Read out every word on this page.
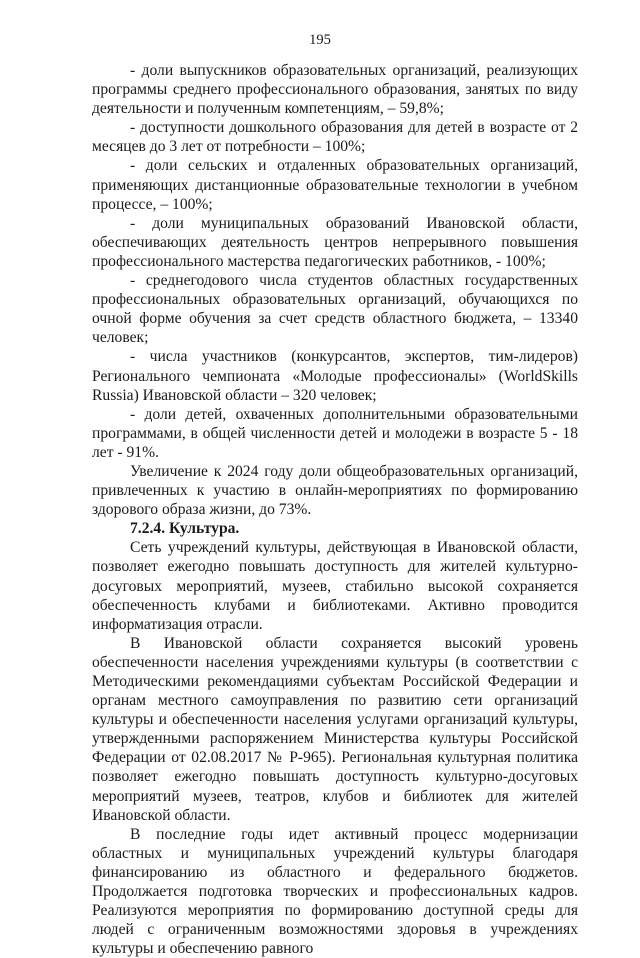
195

- доли выпускников образовательных организаций, реализующих программы среднего профессионального образования, занятых по виду деятельности и полученным компетенциям, – 59,8%;

- доступности дошкольного образования для детей в возрасте от 2 месяцев до 3 лет от потребности – 100%;

- доли сельских и отдаленных образовательных организаций, применяющих дистанционные образовательные технологии в учебном процессе, – 100%;

- доли муниципальных образований Ивановской области, обеспечивающих деятельность центров непрерывного повышения профессионального мастерства педагогических работников, - 100%;

- среднегодового числа студентов областных государственных профессиональных образовательных организаций, обучающихся по очной форме обучения за счет средств областного бюджета, – 13340 человек;

- числа участников (конкурсантов, экспертов, тим-лидеров) Регионального чемпионата «Молодые профессионалы» (WorldSkills Russia) Ивановской области – 320 человек;

- доли детей, охваченных дополнительными образовательными программами, в общей численности детей и молодежи в возрасте 5 - 18 лет - 91%.

Увеличение к 2024 году доли общеобразовательных организаций, привлеченных к участию в онлайн-мероприятиях по формированию здорового образа жизни, до 73%.

7.2.4. Культура.

Сеть учреждений культуры, действующая в Ивановской области, позволяет ежегодно повышать доступность для жителей культурно-досуговых мероприятий, музеев, стабильно высокой сохраняется обеспеченность клубами и библиотеками. Активно проводится информатизация отрасли.

В Ивановской области сохраняется высокий уровень обеспеченности населения учреждениями культуры (в соответствии с Методическими рекомендациями субъектам Российской Федерации и органам местного самоуправления по развитию сети организаций культуры и обеспеченности населения услугами организаций культуры, утвержденными распоряжением Министерства культуры Российской Федерации от 02.08.2017 № Р-965). Региональная культурная политика позволяет ежегодно повышать доступность культурно-досуговых мероприятий музеев, театров, клубов и библиотек для жителей Ивановской области.

В последние годы идет активный процесс модернизации областных и муниципальных учреждений культуры благодаря финансированию из областного и федерального бюджетов. Продолжается подготовка творческих и профессиональных кадров. Реализуются мероприятия по формированию доступной среды для людей с ограниченным возможностями здоровья в учреждениях культуры и обеспечению равного
